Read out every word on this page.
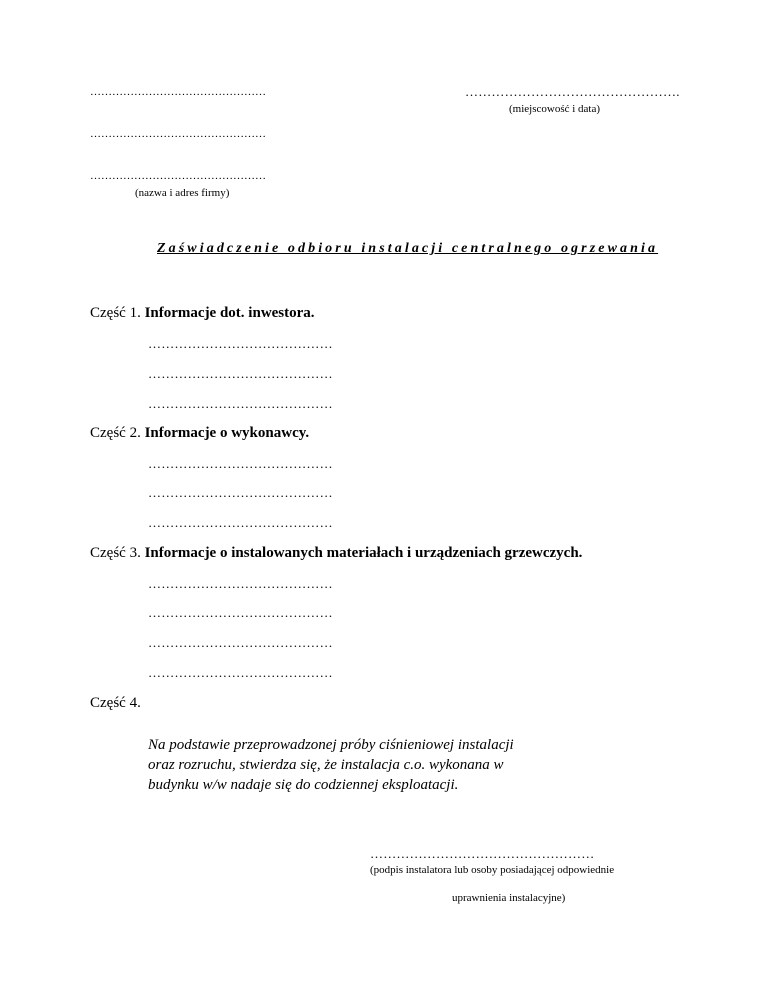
…………………………………………	………………………………………….
(miejscowość i data)
…………………………………………
…………………………………………
(nazwa i adres firmy)
Zaświadczenie odbioru instalacji centralnego ogrzewania
Część 1. Informacje dot. inwestora.
……………………………………
……………………………………
……………………………………
Część 2. Informacje o wykonawcy.
……………………………………
……………………………………
……………………………………
Część 3. Informacje o instalowanych materiałach i urządzeniach grzewczych.
……………………………………
……………………………………
……………………………………
……………………………………
Część 4.
Na podstawie przeprowadzonej próby ciśnieniowej instalacji oraz rozruchu, stwierdza się, że instalacja c.o. wykonana w budynku w/w nadaje się do codziennej eksploatacji.
……………………………………………
(podpis instalatora lub osoby posiadającej odpowiednie
uprawnienia instalacyjne)
